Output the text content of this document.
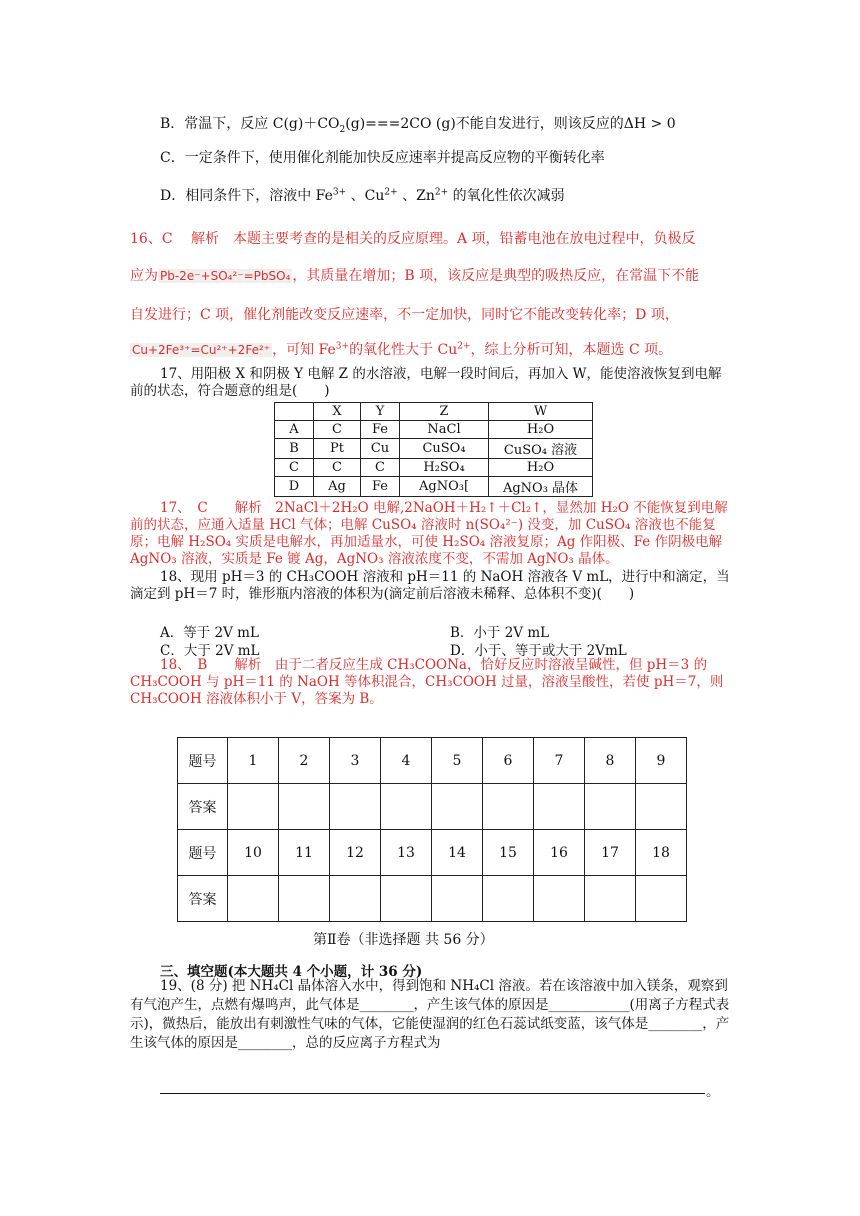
B．常温下，反应 $C(g)+CO_2(g)===2CO$ (g)不能自发进行，则该反应的ΔH > 0
C．一定条件下，使用催化剂能加快反应速率并提高反应物的平衡转化率
D．相同条件下，溶液中 $Fe^{3+}$ 、$Cu^{2+}$ 、$Zn^{2+}$ 的氧化性依次减弱
16、C　 解析　本题主要考查的是相关的反应原理。A 项，铅蓄电池在放电过程中，负极反
应为 Pb-2e⁻+SO₄²⁻=PbSO₄ ，其质量在增加；B 项，该反应是典型的吸热反应，在常温下不能
自发进行；C 项，催化剂能改变反应速率，不一定加快，同时它不能改变转化率；D 项，
Cu+2Fe³⁺=Cu²⁺+2Fe²⁺ ，可知 $Fe^{3+}$的氧化性大于 $Cu^{2+}$，综上分析可知，本题选 C 项。
17、用阳极 X 和阴极 Y 电解 Z 的水溶液，电解一段时间后，再加入 W，能使溶液恢复到电解前的状态，符合题意的组是(　　)
	X	Y	Z	W
A	C	Fe	NaCl	H₂O
B	Pt	Cu	CuSO₄	CuSO₄ 溶液
C	C	C	H₂SO₄	H₂O
D	Ag	Fe	AgNO₃[	AgNO₃ 晶体
17、　C　　解析　2NaCl＋2H₂O 电解,2NaOH＋H₂↑＋Cl₂↑，显然加 H₂O 不能恢复到电解前的状态，应通入适量 HCl 气体；电解 CuSO₄ 溶液时 n(SO₄²⁻) 没变，加 CuSO₄ 溶液也不能复原；电解 H₂SO₄ 实质是电解水，再加适量水，可使 H₂SO₄ 溶液复原；Ag 作阳极、Fe 作阴极电解 AgNO₃ 溶液，实质是 Fe 镀 Ag，AgNO₃ 溶液浓度不变，不需加 AgNO₃ 晶体。
18、现用 pH＝3 的 CH₃COOH 溶液和 pH＝11 的 NaOH 溶液各 V mL，进行中和滴定，当滴定到 pH＝7 时，锥形瓶内溶液的体积为(滴定前后溶液未稀释、总体积不变)(　　)
A．等于 2V mL	B．小于 2V mL
C．大于 2V mL	D．小于、等于或大于 2VmL
18、　B　　解析　由于二者反应生成 CH₃COONa，恰好反应时溶液呈碱性，但 pH＝3 的 CH₃COOH 与 pH＝11 的 NaOH 等体积混合，CH₃COOH 过量，溶液呈酸性，若使 pH＝7，则 CH₃COOH 溶液体积小于 V，答案为 B。
题号	1	2	3	4	5	6	7	8	9
答案									
题号	10	11	12	13	14	15	16	17	18
答案									
第Ⅱ卷（非选择题 共 56 分）
三、填空题(本大题共 4 个小题，计 36 分)
19、(8 分) 把 NH₄Cl 晶体溶入水中，得到饱和 NH₄Cl 溶液。若在该溶液中加入镁条，观察到有气泡产生，点燃有爆鸣声，此气体是________，产生该气体的原因是____________(用离子方程式表示)，微热后，能放出有刺激性气味的气体，它能使湿润的红色石蕊试纸变蓝，该气体是________，产生该气体的原因是________，总的反应离子方程式为
。
